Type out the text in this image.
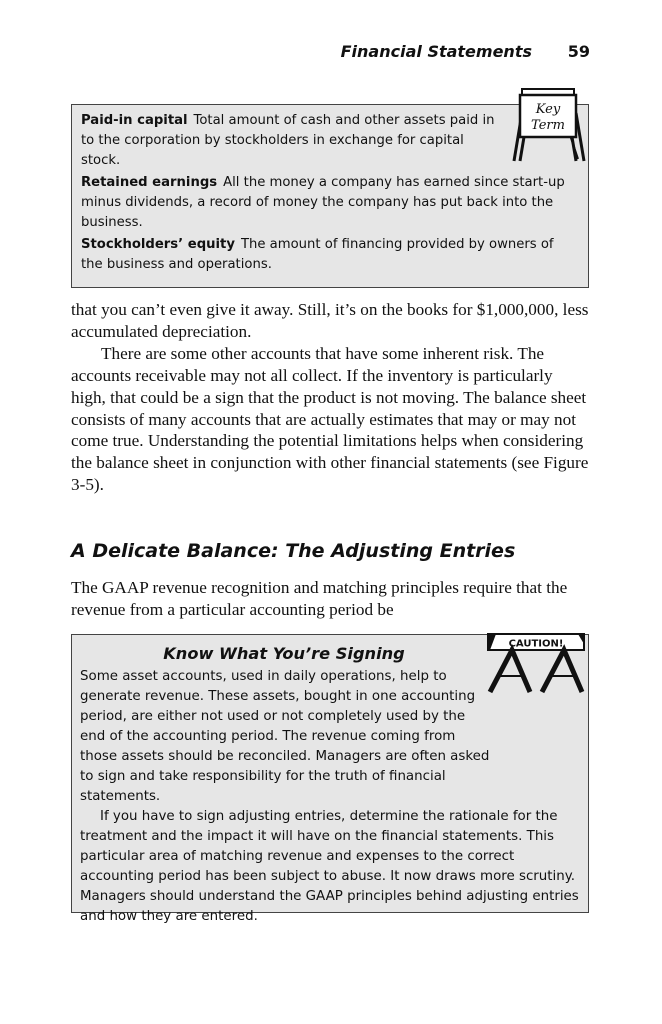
Financial Statements 59

Paid-in capital Total amount of cash and other assets paid in to the corporation by stockholders in exchange for capital stock.

Retained earnings All the money a company has earned since start-up minus dividends, a record of money the company has put back into the business.

Stockholders’ equity The amount of financing provided by owners of the business and operations.

Key
Term

that you can’t even give it away. Still, it’s on the books for $1,000,000, less accumulated depreciation.

There are some other accounts that have some inherent risk. The accounts receivable may not all collect. If the inventory is particularly high, that could be a sign that the product is not moving. The balance sheet consists of many accounts that are actually estimates that may or may not come true. Understanding the potential limitations helps when considering the balance sheet in conjunction with other financial statements (see Figure 3-5).

A Delicate Balance: The Adjusting Entries

The GAAP revenue recognition and matching principles require that the revenue from a particular accounting period be

Know What You’re Signing

Some asset accounts, used in daily operations, help to generate revenue. These assets, bought in one accounting period, are either not used or not completely used by the end of the accounting period. The revenue coming from those assets should be reconciled. Managers are often asked to sign and take responsibility for the truth of financial statements.

If you have to sign adjusting entries, determine the rationale for the treatment and the impact it will have on the financial statements. This particular area of matching revenue and expenses to the correct accounting period has been subject to abuse. It now draws more scrutiny. Managers should understand the GAAP principles behind adjusting entries and how they are entered.

CAUTION!
